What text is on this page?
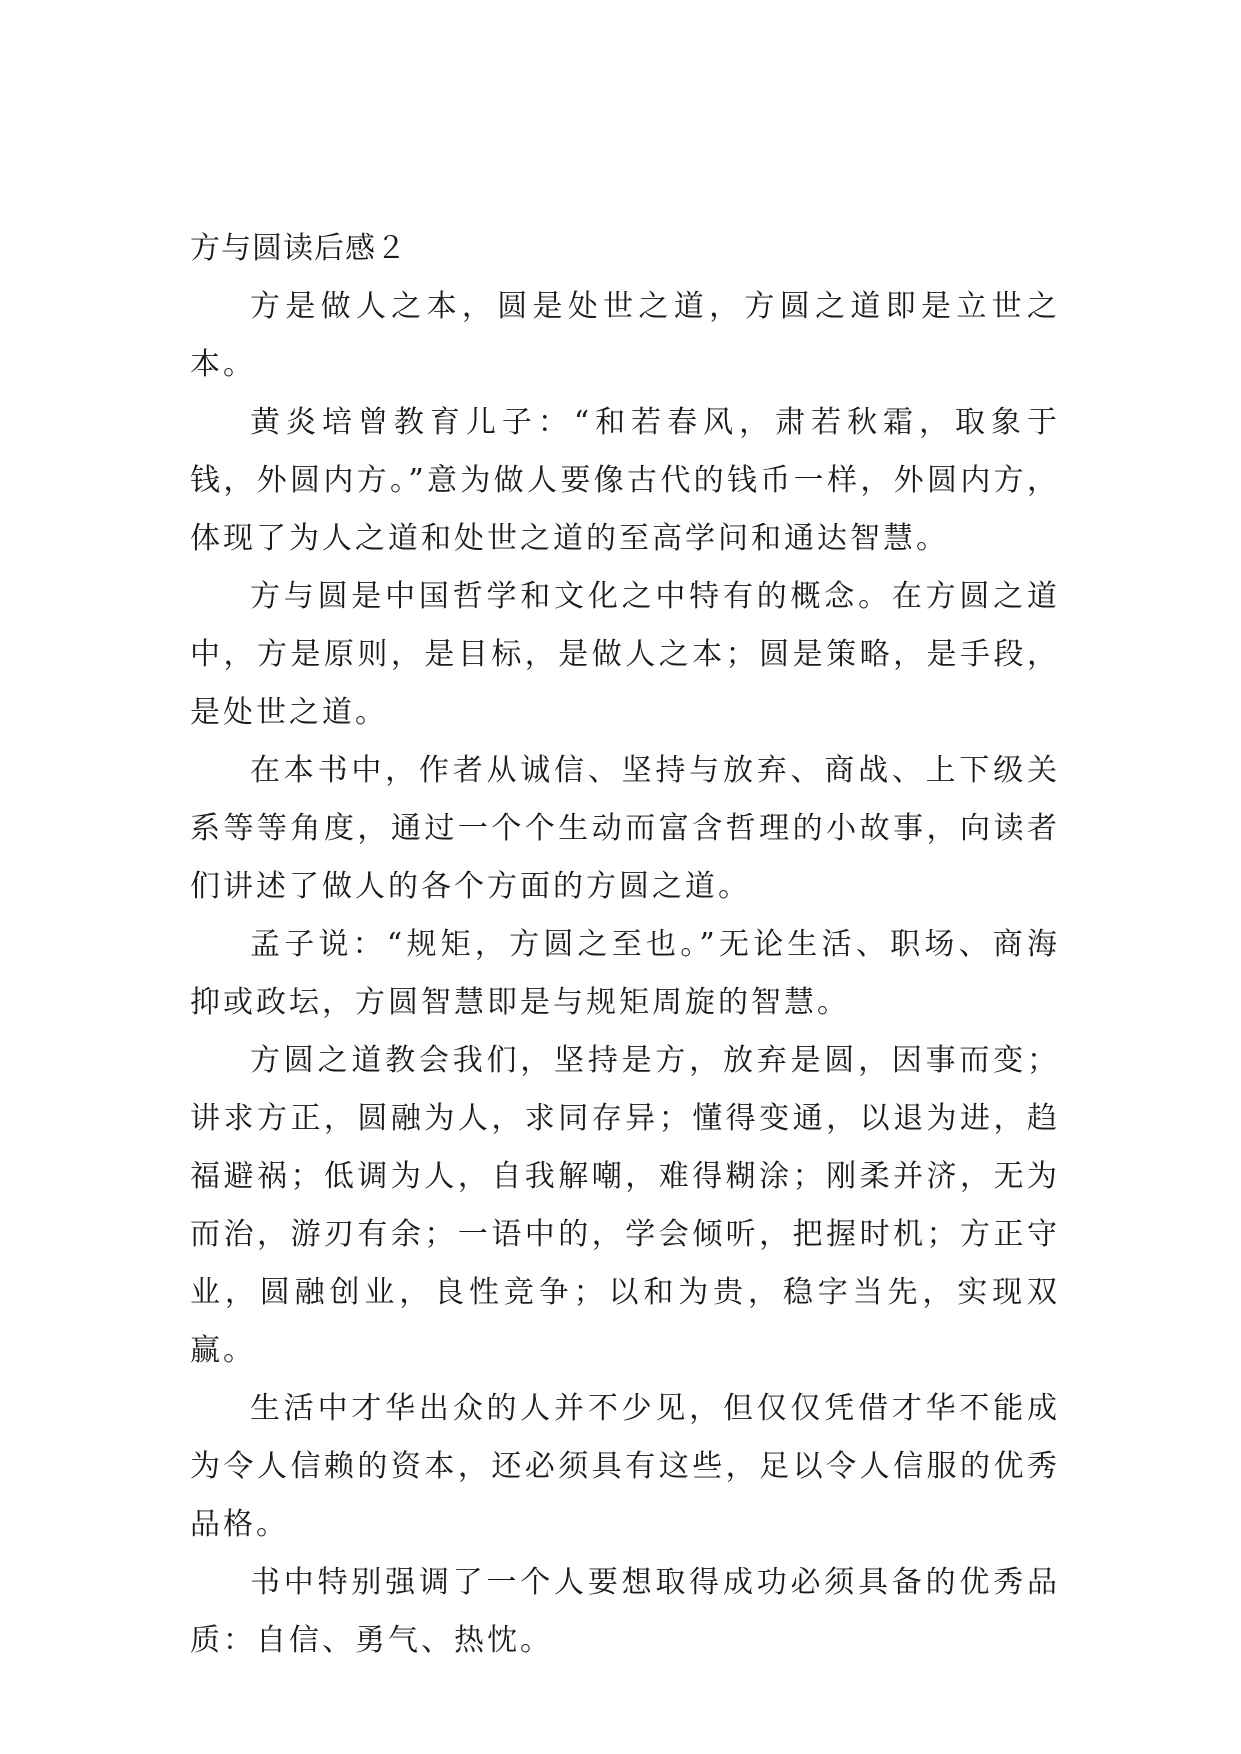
方与圆读后感２

方是做人之本，圆是处世之道，方圆之道即是立世之本。

黄炎培曾教育儿子：“和若春风，肃若秋霜，取象于钱，外圆内方。”意为做人要像古代的钱币一样，外圆内方，体现了为人之道和处世之道的至高学问和通达智慧。

方与圆是中国哲学和文化之中特有的概念。在方圆之道中，方是原则，是目标，是做人之本；圆是策略，是手段，是处世之道。

在本书中，作者从诚信、坚持与放弃、商战、上下级关系等等角度，通过一个个生动而富含哲理的小故事，向读者们讲述了做人的各个方面的方圆之道。

孟子说：“规矩，方圆之至也。”无论生活、职场、商海抑或政坛，方圆智慧即是与规矩周旋的智慧。

方圆之道教会我们，坚持是方，放弃是圆，因事而变；讲求方正，圆融为人，求同存异；懂得变通，以退为进，趋福避祸；低调为人，自我解嘲，难得糊涂；刚柔并济，无为而治，游刃有余；一语中的，学会倾听，把握时机；方正守业，圆融创业，良性竞争；以和为贵，稳字当先，实现双赢。

生活中才华出众的人并不少见，但仅仅凭借才华不能成为令人信赖的资本，还必须具有这些，足以令人信服的优秀品格。

书中特别强调了一个人要想取得成功必须具备的优秀品质：自信、勇气、热忱。
